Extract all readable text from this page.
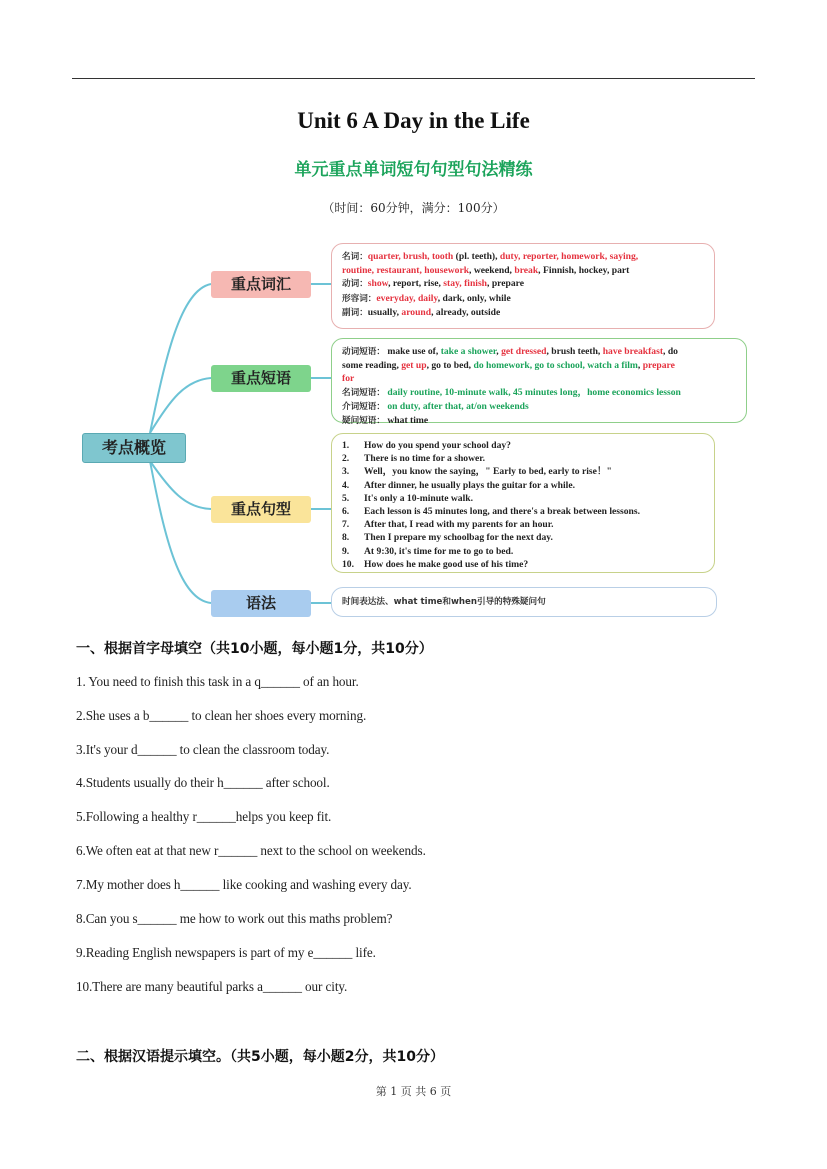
Unit 6 A Day in the Life
单元重点单词短句句型句法精练
（时间：60分钟，满分：100分）
考点概览
重点词汇
重点短语
重点句型
语法
名词：quarter, brush, tooth (pl. teeth), duty, reporter, homework, saying,
routine, restaurant, housework, weekend, break, Finnish, hockey, part
动词：show, report, rise, stay, finish, prepare
形容词：everyday, daily, dark, only, while
副词：usually, around, already, outside
动词短语： make use of, take a shower, get dressed, brush teeth, have breakfast, do
some reading, get up, go to bed, do homework, go to school, watch a film, prepare
for
名词短语： daily routine, 10-minute walk, 45 minutes long，home economics lesson
介词短语： on duty, after that, at/on weekends
疑问短语： what time
1.	How do you spend your school day?
2.	There is no time for a shower.
3.	Well，you know the saying，" Early to bed, early to rise！"
4.	After dinner, he usually plays the guitar for a while.
5.	It's only a 10-minute walk.
6.	Each lesson is 45 minutes long, and there's a break between lessons.
7.	After that, I read with my parents for an hour.
8.	Then I prepare my schoolbag for the next day.
9.	At 9:30, it's time for me to go to bed.
10.	How does he make good use of his time?
时间表达法、what time和when引导的特殊疑问句
一、根据首字母填空（共10小题，每小题1分，共10分）
1. You need to finish this task in a q______ of an hour.
2.She uses a b______ to clean her shoes every morning.
3.It's your d______ to clean the classroom today.
4.Students usually do their h______ after school.
5.Following a healthy r______helps you keep fit.
6.We often eat at that new r______ next to the school on weekends.
7.My mother does h______ like cooking and washing every day.
8.Can you s______ me how to work out this maths problem?
9.Reading English newspapers is part of my e______ life.
10.There are many beautiful parks a______ our city.
二、根据汉语提示填空。（共5小题，每小题2分，共10分）
第 1 页 共 6 页
